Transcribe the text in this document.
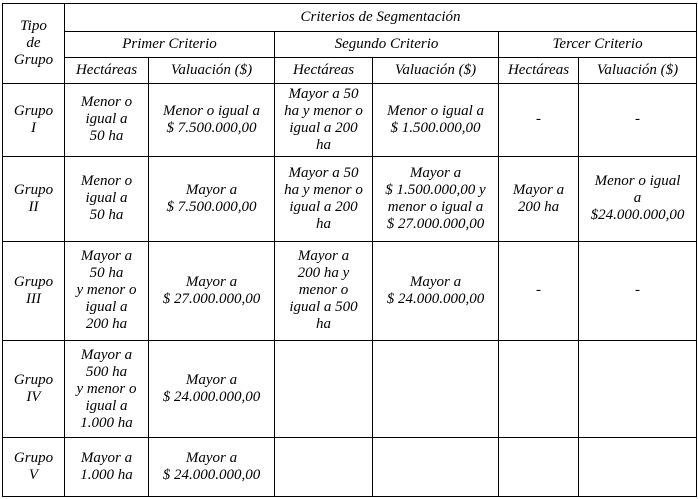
Tipo
de
Grupo	Criterios de Segmentación					

	Primer Criterio		Segundo Criterio		Tercer Criterio	

	Hectáreas	Valuación ($)	Hectáreas	Valuación ($)	Hectáreas	Valuación ($)

Grupo
I	Menor o
igual a
50 ha	Menor o igual a
$ 7.500.000,00	Mayor a 50
ha y menor o
igual a 200
ha	Menor o igual a
$ 1.500.000,00	-	-

Grupo
II	Menor o
igual a
50 ha	Mayor a
$ 7.500.000,00	Mayor a 50
ha y menor o
igual a 200
ha	Mayor a
$ 1.500.000,00 y
menor o igual a
$ 27.000.000,00	Mayor a
200 ha	Menor o igual
a
$24.000.000,00

Grupo
III	Mayor a
50 ha
y menor o
igual a
200 ha	Mayor a
$ 27.000.000,00	Mayor a
200 ha y
menor o
igual a 500
ha	Mayor a
$ 24.000.000,00	-	-

Grupo
IV	Mayor a
500 ha
y menor o
igual a
1.000 ha	Mayor a
$ 24.000.000,00				

Grupo
V	Mayor a
1.000 ha	Mayor a
$ 24.000.000,00				
